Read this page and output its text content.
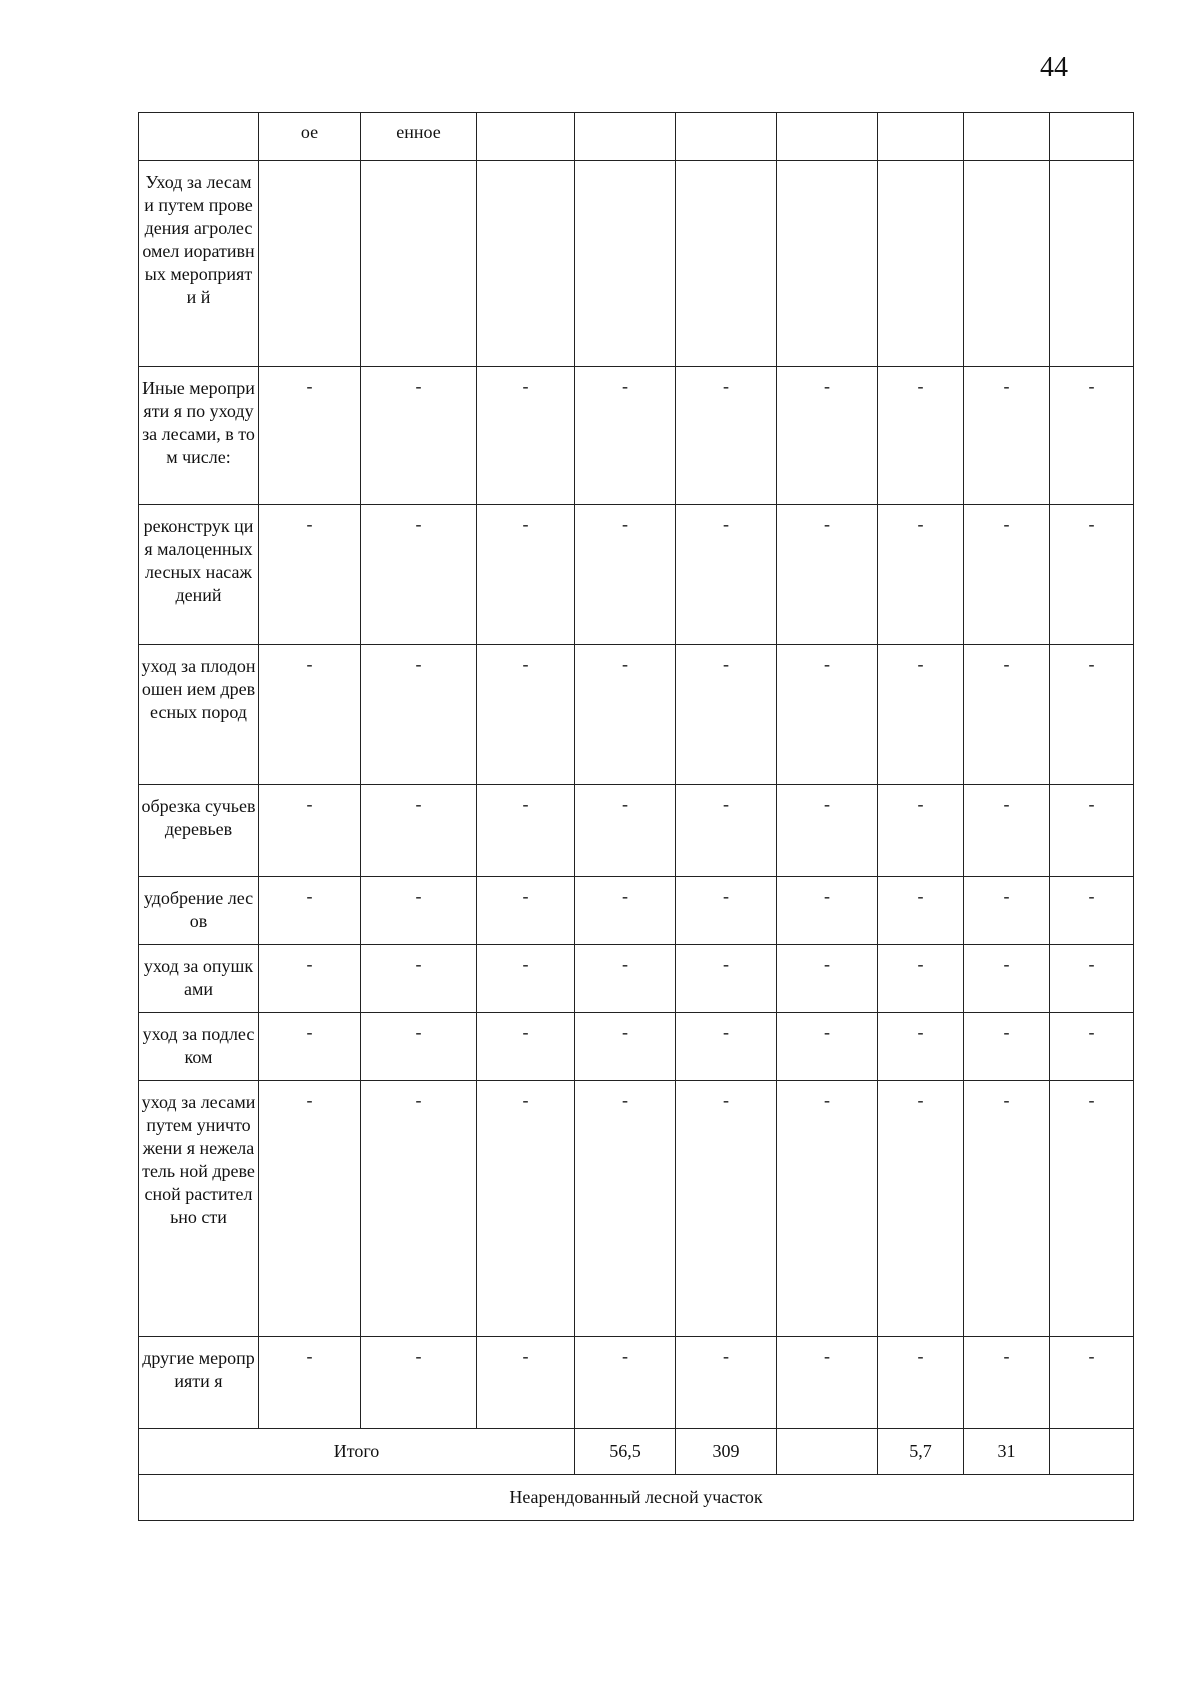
44
	ое	енное							
Уход за лесами путем проведения агролесомел иоративных мероприяти й									
Иные мероприяти я по уходу за лесами, в том числе:	-	-	-	-	-	-	-	-	-
реконструк ция малоценных лесных насаждений	-	-	-	-	-	-	-	-	-
уход за плодоношен ием древесных пород	-	-	-	-	-	-	-	-	-
обрезка сучьев деревьев	-	-	-	-	-	-	-	-	-
удобрение лесов	-	-	-	-	-	-	-	-	-
уход за опушками	-	-	-	-	-	-	-	-	-
уход за подлеском	-	-	-	-	-	-	-	-	-
уход за лесами путем уничтожени я нежелатель ной древесной растительно сти	-	-	-	-	-	-	-	-	-
другие мероприяти я	-	-	-	-	-	-	-	-	-
Итого				56,5	309		5,7	31	
Неарендованный лесной участок									
